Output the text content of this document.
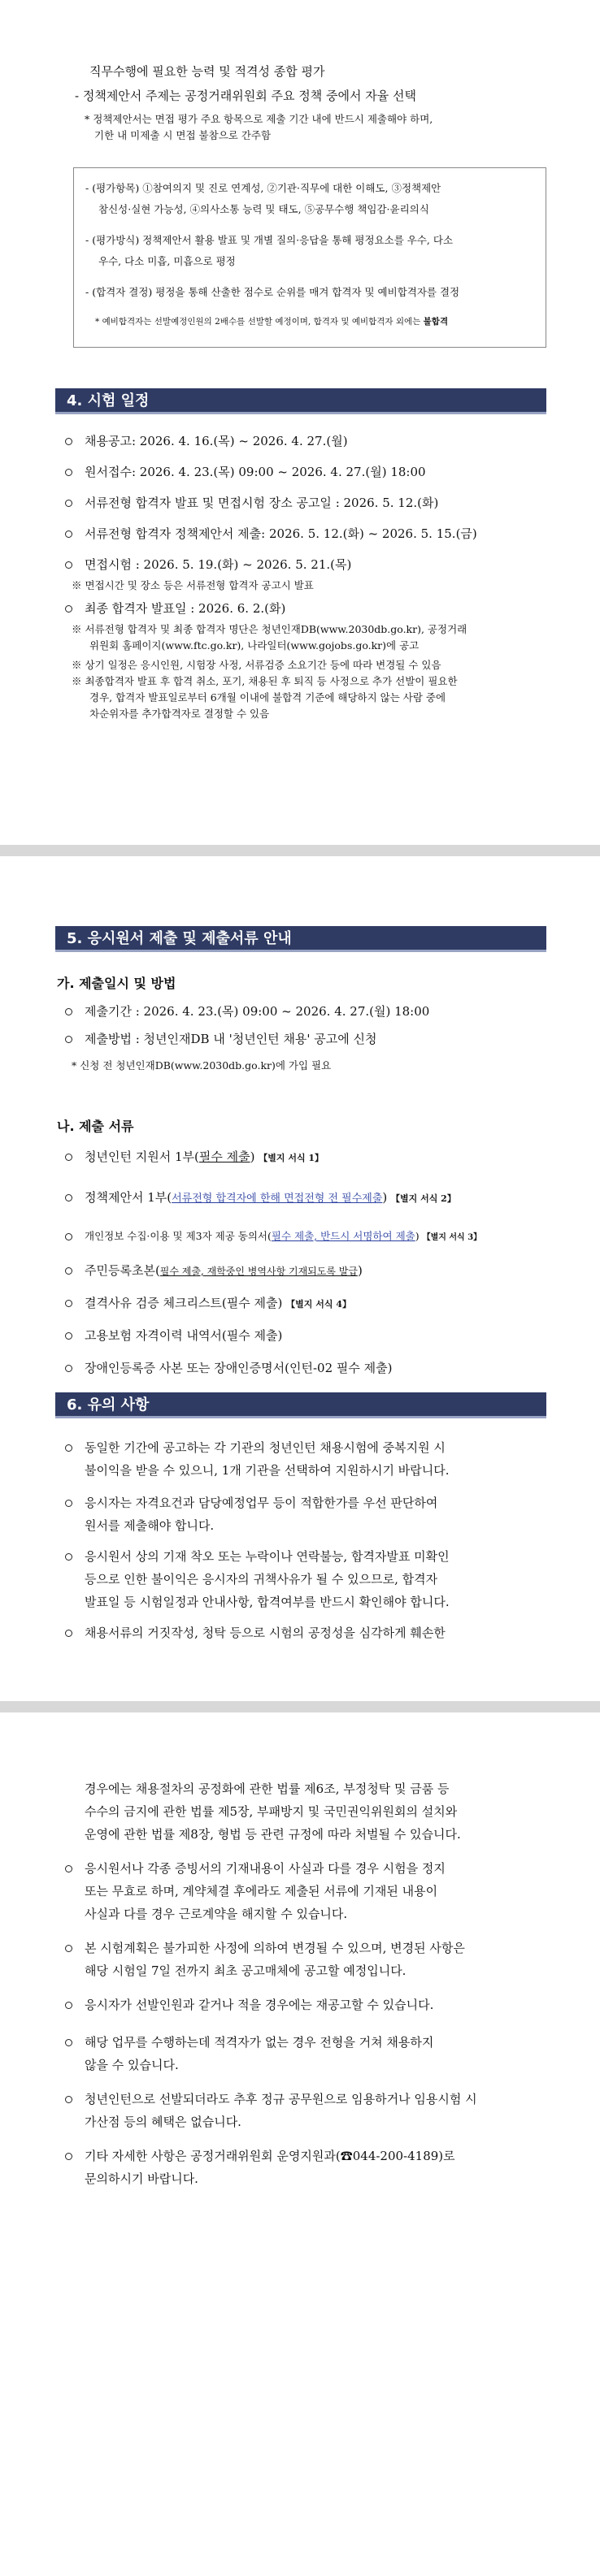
직무수행에 필요한 능력 및 적격성 종합 평가
- 정책제안서 주제는 공정거래위원회 주요 정책 중에서 자율 선택
* 정책제안서는 면접 평가 주요 항목으로 제출 기간 내에 반드시 제출해야 하며,
기한 내 미제출 시 면접 불참으로 간주함
- (평가항목) ①참여의지 및 진로 연계성, ②기관·직무에 대한 이해도, ③정책제안
참신성·실현 가능성, ④의사소통 능력 및 태도, ⑤공무수행 책임감·윤리의식
- (평가방식) 정책제안서 활용 발표 및 개별 질의·응답을 통해 평정요소를 우수, 다소
우수, 다소 미흡, 미흡으로 평정
- (합격자 결정) 평정을 통해 산출한 점수로 순위를 매겨 합격자 및 예비합격자를 결정
* 예비합격자는 선발예정인원의 2배수를 선발할 예정이며, 합격자 및 예비합격자 외에는 불합격
4. 시험 일정
채용공고: 2026. 4. 16.(목) ~ 2026. 4. 27.(월)
원서접수: 2026. 4. 23.(목) 09:00 ~ 2026. 4. 27.(월) 18:00
서류전형 합격자 발표 및 면접시험 장소 공고일 : 2026. 5. 12.(화)
서류전형 합격자 정책제안서 제출: 2026. 5. 12.(화) ~ 2026. 5. 15.(금)
면접시험 : 2026. 5. 19.(화) ~ 2026. 5. 21.(목)
※ 면접시간 및 장소 등은 서류전형 합격자 공고시 발표
최종 합격자 발표일 : 2026. 6. 2.(화)
※ 서류전형 합격자 및 최종 합격자 명단은 청년인재DB(www.2030db.go.kr), 공정거래
위원회 홈페이지(www.ftc.go.kr), 나라일터(www.gojobs.go.kr)에 공고
※ 상기 일정은 응시인원, 시험장 사정, 서류검증 소요기간 등에 따라 변경될 수 있음
※ 최종합격자 발표 후 합격 취소, 포기, 채용된 후 퇴직 등 사정으로 추가 선발이 필요한
경우, 합격자 발표일로부터 6개월 이내에 불합격 기준에 해당하지 않는 사람 중에
차순위자를 추가합격자로 결정할 수 있음
5. 응시원서 제출 및 제출서류 안내
가. 제출일시 및 방법
제출기간 : 2026. 4. 23.(목) 09:00 ~ 2026. 4. 27.(월) 18:00
제출방법 : 청년인재DB 내 '청년인턴 채용' 공고에 신청
* 신청 전 청년인재DB(www.2030db.go.kr)에 가입 필요
나. 제출 서류
청년인턴 지원서 1부(필수 제출) 【별지 서식 1】
정책제안서 1부(서류전형 합격자에 한해 면접전형 전 필수제출) 【별지 서식 2】
개인정보 수집·이용 및 제3자 제공 동의서(필수 제출, 반드시 서명하여 제출) 【별지 서식 3】
주민등록초본(필수 제출, 재학중인 병역사항 기재되도록 발급)
결격사유 검증 체크리스트(필수 제출) 【별지 서식 4】
고용보험 자격이력 내역서(필수 제출)
장애인등록증 사본 또는 장애인증명서(인턴-02 필수 제출)
6. 유의 사항
동일한 기간에 공고하는 각 기관의 청년인턴 채용시험에 중복지원 시
불이익을 받을 수 있으니, 1개 기관을 선택하여 지원하시기 바랍니다.
응시자는 자격요건과 담당예정업무 등이 적합한가를 우선 판단하여
원서를 제출해야 합니다.
응시원서 상의 기재 착오 또는 누락이나 연락불능, 합격자발표 미확인
등으로 인한 불이익은 응시자의 귀책사유가 될 수 있으므로, 합격자
발표일 등 시험일정과 안내사항, 합격여부를 반드시 확인해야 합니다.
채용서류의 거짓작성, 청탁 등으로 시험의 공정성을 심각하게 훼손한
경우에는 채용절차의 공정화에 관한 법률 제6조, 부정청탁 및 금품 등
수수의 금지에 관한 법률 제5장, 부패방지 및 국민권익위원회의 설치와
운영에 관한 법률 제8장, 형법 등 관련 규정에 따라 처벌될 수 있습니다.
응시원서나 각종 증빙서의 기재내용이 사실과 다를 경우 시험을 정지
또는 무효로 하며, 계약체결 후에라도 제출된 서류에 기재된 내용이
사실과 다를 경우 근로계약을 해지할 수 있습니다.
본 시험계획은 불가피한 사정에 의하여 변경될 수 있으며, 변경된 사항은
해당 시험일 7일 전까지 최초 공고매체에 공고할 예정입니다.
응시자가 선발인원과 같거나 적을 경우에는 재공고할 수 있습니다.
해당 업무를 수행하는데 적격자가 없는 경우 전형을 거쳐 채용하지
않을 수 있습니다.
청년인턴으로 선발되더라도 추후 정규 공무원으로 임용하거나 임용시험 시
가산점 등의 혜택은 없습니다.
기타 자세한 사항은 공정거래위원회 운영지원과(☎044-200-4189)로
문의하시기 바랍니다.
